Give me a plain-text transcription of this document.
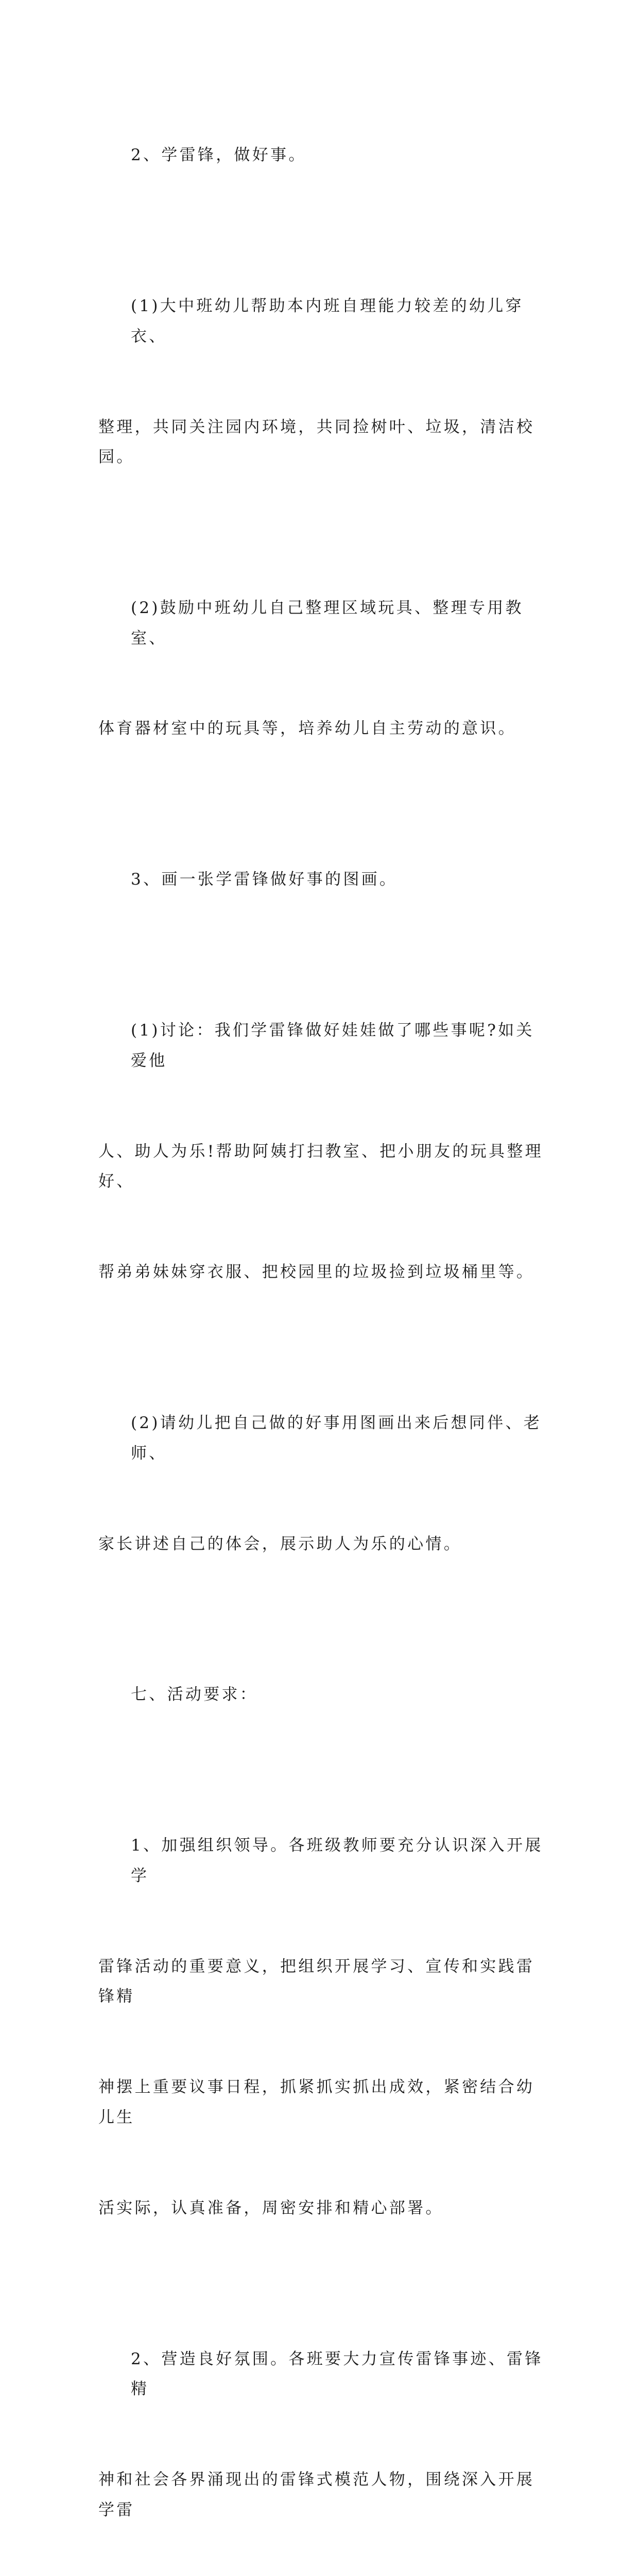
2、学雷锋，做好事。

(1)大中班幼儿帮助本内班自理能力较差的幼儿穿衣、

整理，共同关注园内环境，共同捡树叶、垃圾，清洁校园。

(2)鼓励中班幼儿自己整理区域玩具、整理专用教室、

体育器材室中的玩具等，培养幼儿自主劳动的意识。

3、画一张学雷锋做好事的图画。

(1)讨论：我们学雷锋做好娃娃做了哪些事呢?如关爱他

人、助人为乐!帮助阿姨打扫教室、把小朋友的玩具整理好、

帮弟弟妹妹穿衣服、把校园里的垃圾捡到垃圾桶里等。

(2)请幼儿把自己做的好事用图画出来后想同伴、老师、

家长讲述自己的体会，展示助人为乐的心情。

七、活动要求：

1、加强组织领导。各班级教师要充分认识深入开展学

雷锋活动的重要意义，把组织开展学习、宣传和实践雷锋精

神摆上重要议事日程，抓紧抓实抓出成效，紧密结合幼儿生

活实际，认真准备，周密安排和精心部署。

2、营造良好氛围。各班要大力宣传雷锋事迹、雷锋精

神和社会各界涌现出的雷锋式模范人物，围绕深入开展学雷
